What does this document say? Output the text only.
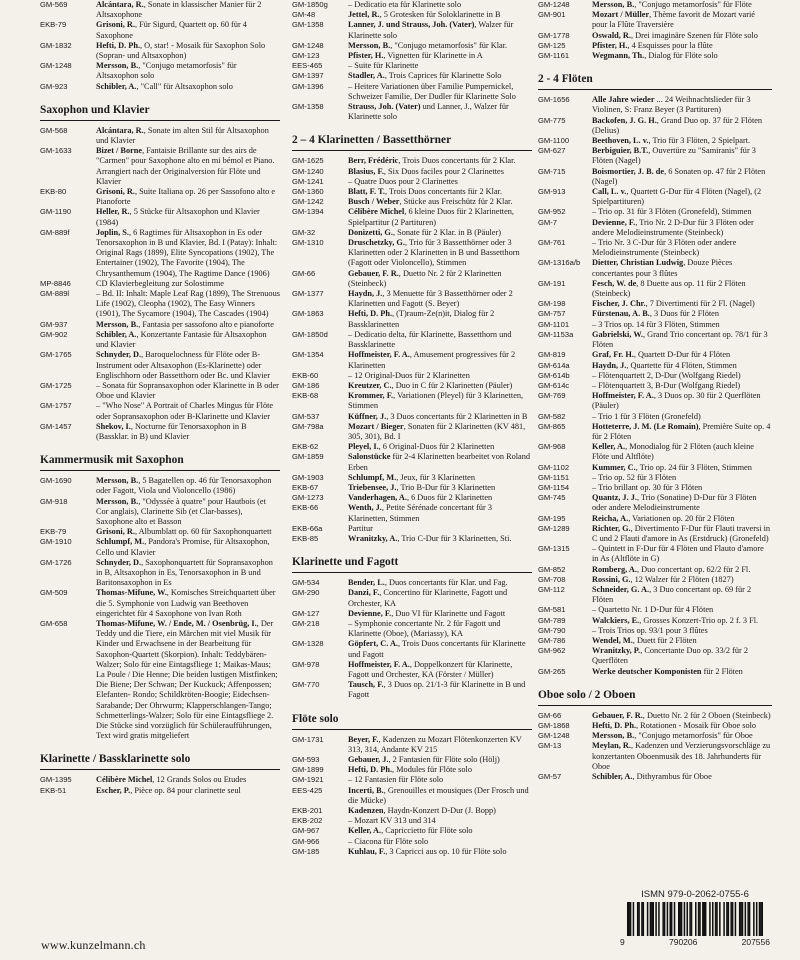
GM-569	Alcántara, R., Sonate in klassischer Manier für 2 Altsaxophone
EKB-79	Grisoni, R., Für Sigurd, Quartett op. 60 für 4 Saxophone
GM-1832	Hefti, D. Ph., O, star! - Mosaik für Saxophon Solo (Sopran- und Altsaxophon)
GM-1248	Mersson, B., "Conjugo metamorfosis" für Altsaxophon solo
GM-923	Schibler, A., "Call" für Altsaxophon solo
Saxophon und Klavier
GM-568	Alcántara, R., Sonate im alten Stil für Altsaxophon und Klavier
GM-1633	Bizet / Borne, Fantaisie Brillante sur des airs de "Carmen" pour Saxophone alto en mi bémol et Piano. Arrangiert nach der Originalversion für Flöte und Klavier
EKB-80	Grisoni, R., Suite Italiana op. 26 per Sassofono alto e Pianoforte
GM-1190	Heller, R., 5 Stücke für Altsaxophon und Klavier (1984)
GM-889f	Joplin, S., 6 Ragtimes für Altsaxophon in Es oder Tenorsaxophon in B und Klavier, Bd. I (Patay): Inhalt: Original Rags (1899), Elite Syncopations (1902), The Entertainer (1902), The Favorite (1904), The Chrysanthemum (1904), The Ragtime Dance (1906)
MP-8846	CD Klavierbegleitung zur Solostimme
GM-889l	– Bd. II: Inhalt: Maple Leaf Rag (1899), The Strenuous Life (1902), Cleopha (1902), The Easy Winners (1901), The Sycamore (1904), The Cascades (1904)
GM-937	Mersson, B., Fantasia per sassofono alto e pianoforte
GM-902	Schibler, A., Konzertante Fantasie für Altsaxophon und Klavier
GM-1765	Schnyder, D., Baroquelochness für Flöte oder B-Instrument oder Altsaxophon (Es-Klarinette) oder Englischhorn oder Bassetthorn oder Bc. und Klavier
GM-1725	– Sonata für Sopransaxophon oder Klarinette in B oder Oboe und Klavier
GM-1757	– "Who Nose" A Portrait of Charles Mingus für Flöte oder Sopransaxophon oder B-Klarinette und Klavier
GM-1457	Shekov, I., Nocturne für Tenorsaxophon in B (Bassklar. in B) und Klavier
Kammermusik mit Saxophon
GM-1690	Mersson, B., 5 Bagatellen op. 46 für Tenorsaxophon oder Fagott, Viola und Violoncello (1986)
GM-918	Mersson, B., "Odyssée à quatre" pour Hautbois (et Cor anglais), Clarinette Sib (et Clar-basses), Saxophone alto et Basson
EKB-79	Grisoni, R., Albumblatt op. 60 für Saxophonquartett
GM-1910	Schlumpf, M., Pandora's Promise, für Altsaxophon, Cello und Klavier
GM-1726	Schnyder, D., Saxophonquartett für Sopransaxophon in B, Altsaxophon in Es, Tenorsaxophon in B und Baritonsaxophon in Es
GM-509	Thomas-Mifune, W., Komisches Streichquartett über die 5. Symphonie von Ludwig van Beethoven eingerichtet für 4 Saxophone von Ivan Roth
GM-658	Thomas-Mifune, W. / Ende, M. / Osenbrüg, I., Der Teddy und die Tiere, ein Märchen mit viel Musik für Kinder und Erwachsene in der Bearbeitung für Saxophon-Quartett (Skorpion). Inhalt: Teddybären-Walzer; Solo für eine Eintagsfliege 1; Maikas-Maus; La Poule / Die Henne; Die beiden lustigen Mistfinken; Die Biene; Der Schwan; Der Kuckuck; Affenpossen; Elefanten- Rondo; Schildkröten-Boogie; Eidechsen-Sarabande; Der Ohrwurm; Klapperschlangen-Tango; Schmetterlings-Walzer; Solo für eine Eintagsfliege 2. Die Stücke sind vorzüglich für Schüleraufführungen, Text wird gratis mitgeliefert
Klarinette / Bassklarinette solo
GM-1395	Célibère Michel, 12 Grands Solos ou Etudes
EKB-51	Escher, P., Pièce op. 84 pour clarinette seul
GM-1850g	– Dedicatio eta für Klarinette solo
GM-48	Jettel, R., 5 Grotesken für Soloklarinette in B
GM-1358	Lanner, J. und Strauss, Joh. (Vater), Walzer für Klarinette solo
GM-1248	Mersson, B., "Conjugo metamorfosis" für Klar.
GM-123	Pfister, H., Vignetten für Klarinette in A
EES-465	– Suite für Klarinette
GM-1397	Stadler, A., Trois Caprices für Klarinette Solo
GM-1396	– Heitere Variationen über Familie Pumpernickel, Schweizer Familie, Der Dudler für Klarinette Solo
GM-1358	Strauss, Joh. (Vater) und Lanner, J., Walzer für Klarinette solo
2 – 4 Klarinetten / Bassetthörner
GM-1625	Berr, Frédéric, Trois Duos concertants für 2 Klar.
GM-1240	Blasius, F., Six Duos faciles pour 2 Clarinettes
GM-1241	– Quatre Duos pour 2 Clarinettes
GM-1360	Blatt, F. T., Trois Duos concertants für 2 Klar.
GM-1242	Busch / Weber, Stücke aus Freischütz für 2 Klar.
GM-1394	Célibère Michel, 6 kleine Duos für 2 Klarinetten, Spielpartitur (2 Partituren)
GM-32	Donizetti, G., Sonate für 2 Klar. in B (Päuler)
GM-1310	Druschetzky, G., Trio für 3 Bassetthörner oder 3 Klarinetten oder 2 Klarinetten in B und Bassetthorn (Fagott oder Violoncello), Stimmen
GM-66	Gebauer, F. R., Duetto Nr. 2 für 2 Klarinetten (Steinbeck)
GM-1377	Haydn, J., 3 Menuette für 3 Bassetthörner oder 2 Klarinetten und Fagott (S. Beyer)
GM-1863	Hefti, D. Ph., (T)raum-Ze(n)it, Dialog für 2 Bassklarinetten
GM-1850d	– Dedicatio delta, für Klarinette, Bassetthorn und Bassklarinette
GM-1354	Hoffmeister, F. A., Amusement progressives für 2 Klarinetten
EKB-60	– 12 Original-Duos für 2 Klarinetten
GM-186	Kreutzer, C., Duo in C für 2 Klarinetten (Päuler)
EKB-68	Krommer, F., Variationen (Pleyel) für 3 Klarinetten, Stimmen
GM-537	Küffner, J., 3 Duos concertants für 2 Klarinetten in B
GM-798a	Mozart / Bieger, Sonaten für 2 Klarinetten (KV 481, 305, 301), Bd. I
EKB-62	Pleyel, I., 6 Original-Duos für 2 Klarinetten
GM-1859	Salonstücke für 2-4 Klarinetten bearbeitet von Roland Erben
GM-1903	Schlumpf, M., Jeux, für 3 Klarinetten
EKB-67	Triebensee, J., Trio B-Dur für 3 Klarinetten
GM-1273	Vanderhagen, A., 6 Duos für 2 Klarinetten
EKB-66	Wenth, J., Petite Sérénade concertant für 3 Klarinetten, Stimmen
EKB-66a	Partitur
EKB-85	Wranitzky, A., Trio C-Dur für 3 Klarinetten, Sti.
Klarinette und Fagott
GM-534	Bender, L., Duos concertants für Klar. und Fag.
GM-290	Danzi, F., Concertino für Klarinette, Fagott und Orchester, KA
GM-127	Devienne, F., Duo VI für Klarinette und Fagott
GM-218	– Symphonie concertante Nr. 2 für Fagott und Klarinette (Oboe), (Mariassy), KA
GM-1328	Göpfert, C. A., Trois Duos concertants für Klarinette und Fagott
GM-978	Hoffmeister, F. A., Doppelkonzert für Klarinette, Fagott und Orchester, KA (Förster / Müller)
GM-770	Tausch, F., 3 Duos op. 21/1-3 für Klarinette in B und Fagott
Flöte solo
GM-1731	Beyer, F., Kadenzen zu Mozart Flötenkonzerten KV 313, 314, Andante KV 215
GM-593	Gebauer, J., 2 Fantasien für Flöte solo (Hölj)
GM-1899	Hefti, D. Ph., Modules für Flöte solo
GM-1921	– 12 Fantasien für Flöte solo
EES-425	Incerti, B., Grenouilles et mousiques (Der Frosch und die Mücke)
EKB-201	Kadenzen, Haydn-Konzert D-Dur (J. Bopp)
EKB-202	– Mozart KV 313 und 314
GM-967	Keller, A., Capriccietto für Flöte solo
GM-966	– Ciacona für Flöte solo
GM-185	Kuhlau, F., 3 Capricci aus op. 10 für Flöte solo
GM-1248	Mersson, B., "Conjugo metamorfosis" für Flöte
GM-901	Mozart / Müller, Thème favorit de Mozart varié pour la Flûte Traversière
GM-1778	Oswald, R., Drei imaginäre Szenen für Flöte solo
GM-125	Pfister, H., 4 Esquisses pour la flûte
GM-1161	Wegmann, Th., Dialog für Flöte solo
2 - 4 Flöten
GM-1656	Alle Jahre wieder ... 24 Weihnachtslieder für 3 Violinen, S: Franz Beyer (3 Partituren)
GM-775	Backofen, J. G. H., Grand Duo op. 37 für 2 Flöten (Delius)
GM-1100	Beethoven, L. v., Trio für 3 Flöten, 2 Spielpart.
GM-627	Berbiguier, B.T., Ouvertüre zu "Samiranis" für 3 Flöten (Nagel)
GM-715	Boismortier, J. B. de, 6 Sonaten op. 47 für 2 Flöten (Nagel)
GM-913	Call, L. v., Quartett G-Dur für 4 Flöten (Nagel), (2 Spielpartituren)
GM-952	– Trio op. 31 für 3 Flöten (Gronefeld), Stimmen
GM-7	Devienne, F., Trio Nr. 2 D-Dur für 3 Flöten oder andere Melodieinstrumente (Steinbeck)
GM-761	– Trio Nr. 3 C-Dur für 3 Flöten oder andere Melodieinstrumente (Steinbeck)
GM-1316a/b	Dietter, Christian Ludwig, Douze Pièces concertantes pour 3 flûtes
GM-191	Fesch, W. de, 8 Duette aus op. 11 für 2 Flöten (Steinbeck)
GM-198	Fischer, J. Chr., 7 Divertimenti für 2 Fl. (Nagel)
GM-757	Fürstenau, A. B., 3 Duos für 2 Flöten
GM-1101	– 3 Trios op. 14 für 3 Flöten, Stimmen
GM-1153a	Gabrielski, W., Grand Trio concertant op. 78/1 für 3 Flöten
GM-819	Graf, Fr. H., Quartett D-Dur für 4 Flöten
GM-614a	Haydn, J., Quartette für 4 Flöten, Stimmen
GM-614b	– Flötenquartett 2, D-Dur (Wolfgang Riedel)
GM-614c	– Flötenquartett 3, B-Dur (Wolfgang Riedel)
GM-769	Hoffmeister, F. A., 3 Duos op. 30 für 2 Querflöten (Päuler)
GM-582	– Trio 1 für 3 Flöten (Gronefeld)
GM-865	Hotteterre, J. M. (Le Romain), Première Suite op. 4 für 2 Flöten
GM-968	Keller, A., Monodialog für 2 Flöten (auch kleine Flöte und Altflöte)
GM-1102	Kummer, C., Trio op. 24 für 3 Flöten, Stimmen
GM-1151	– Trio op. 52 für 3 Flöten
GM-1154	– Trio brillant op. 30 für 3 Flöten
GM-745	Quantz, J. J., Trio (Sonatine) D-Dur für 3 Flöten oder andere Melodieinstrumente
GM-195	Reicha, A., Variationen op. 20 für 2 Flöten
GM-1289	Richter, G., Divertimento F-Dur für Flauti traversi in C und 2 Flauti d'amore in As (Erstdruck) (Gronefeld)
GM-1315	– Quintett in F-Dur für 4 Flöten und Flauto d'amore in As (Altflöte in G)
GM-852	Romberg, A., Duo concertant op. 62/2 für 2 Fl.
GM-708	Rossini, G., 12 Walzer für 2 Flöten (1827)
GM-112	Schneider, G. A., 3 Duo concertant op. 69 für 2 Flöten
GM-581	– Quartetto Nr. 1 D-Dur für 4 Flöten
GM-789	Walckiers, E., Grosses Konzert-Trio op. 2 f. 3 Fl.
GM-790	– Trois Trios op. 93/1 pour 3 flûtes
GM-786	Wendel, M., Duett für 2 Flöten
GM-962	Wranitzky, P., Concertante Duo op. 33/2 für 2 Querflöten
GM-265	Werke deutscher Komponisten für 2 Flöten
Oboe solo / 2 Oboen
GM-66	Gebauer, F. R., Duetto Nr. 2 für 2 Oboen (Steinbeck)
GM-1868	Hefti, D. Ph., Rotationen - Mosaik für Oboe solo
GM-1248	Mersson, B., "Conjugo metamorfosis" für Oboe
GM-13	Meylan, R., Kadenzen und Verzierungsvorschläge zu konzertanten Oboenmusik des 18. Jahrhunderts für Oboe
GM-57	Schibler, A., Dithyrambus für Oboe
www.kunzelmann.ch
ISMN 979-0-2062-0755-6
9	790206	207556
